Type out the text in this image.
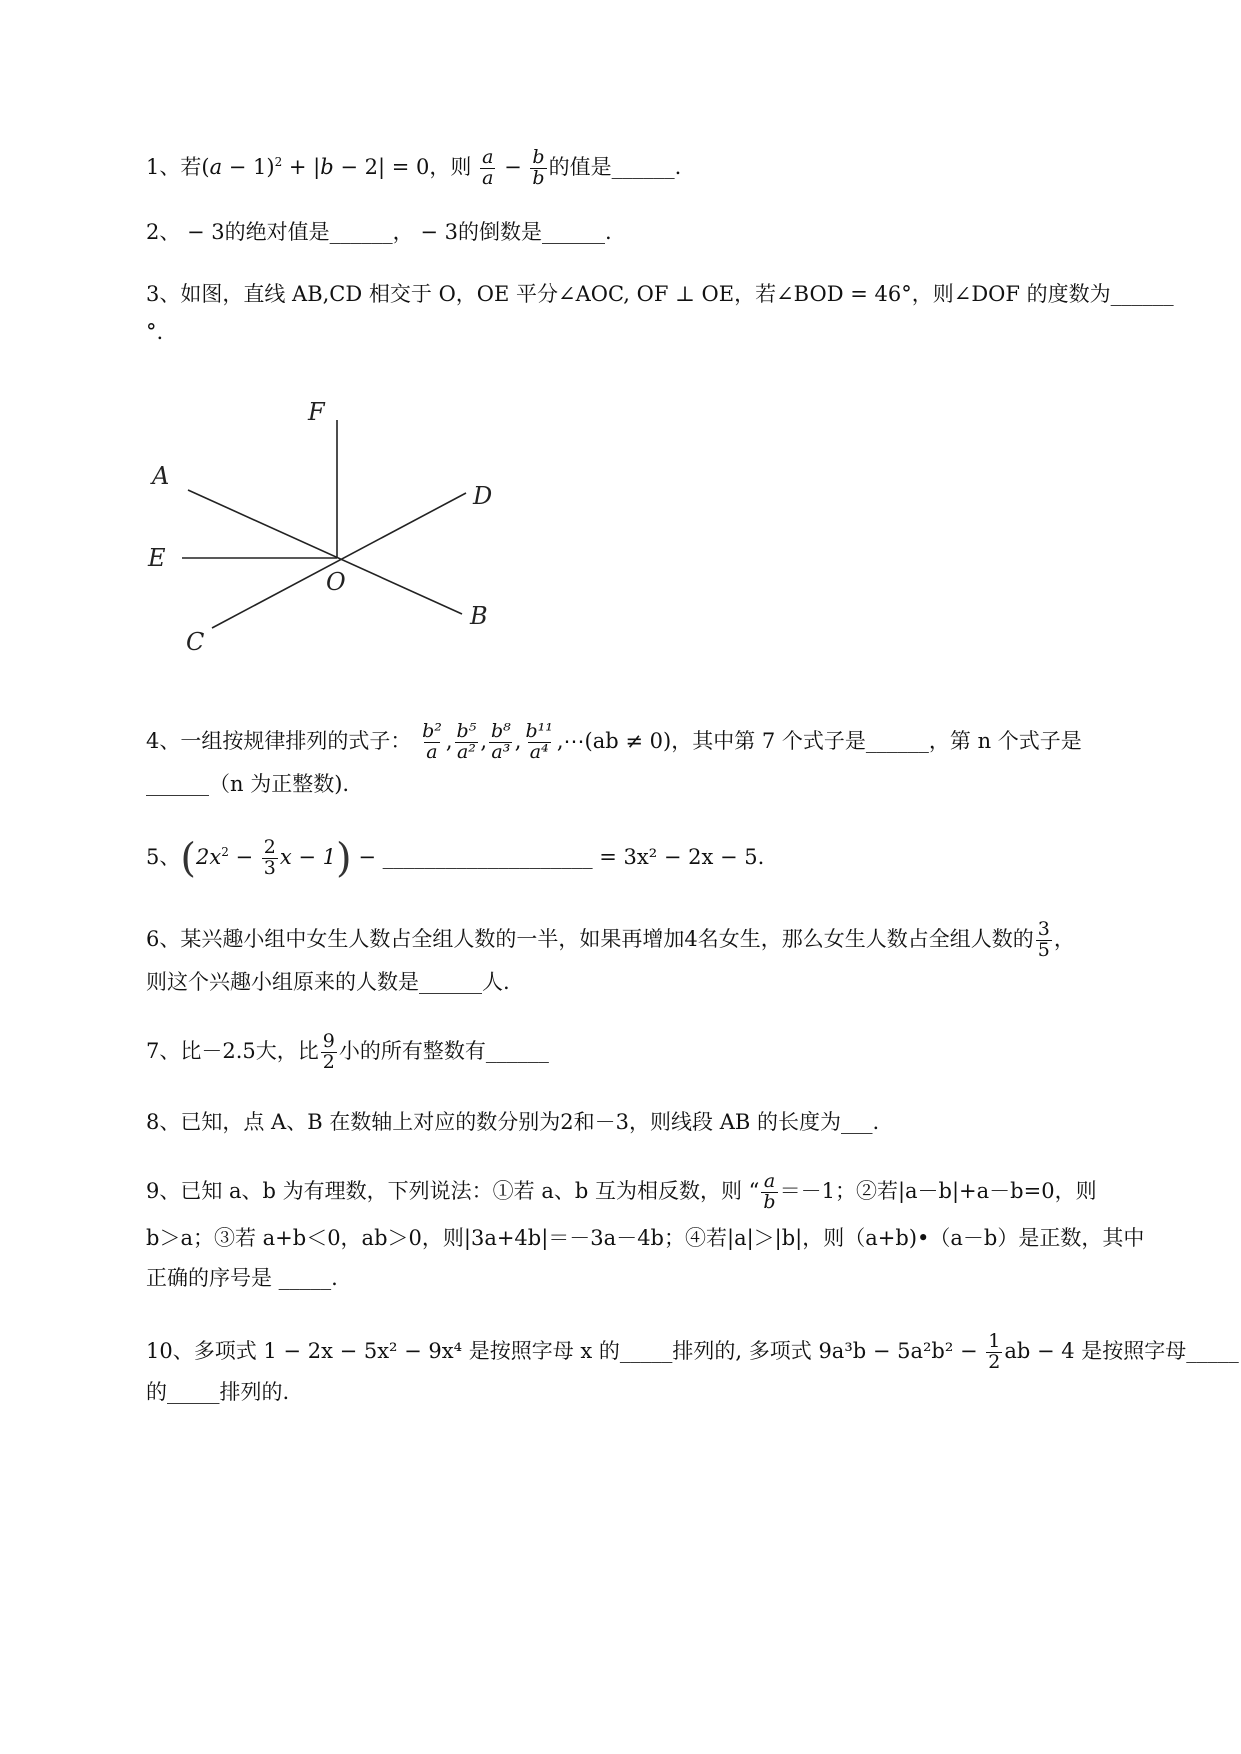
1、若$(a - 1)^2 + |b - 2| = 0$，则 $\frac{a}{a} - \frac{b}{b}$ 的值是______.
2、 − 3的绝对值是______， − 3的倒数是______.
3、如图，直线 AB,CD 相交于 O，OE 平分∠AOC, OF ⊥ OE，若∠BOD = 46°，则∠DOF 的度数为______
°.
F
A
D
E
O
B
C
4、一组按规律排列的式子： $\frac{\text{b²}}{a}$ , $\frac{\text{b⁵}}{\text{a²}}$ , $\frac{\text{b⁸}}{\text{a³}}$ , $\frac{\text{b¹¹}}{\text{a⁴}}$ ,⋯(ab ≠ 0)，其中第 7 个式子是______，第 n 个式子是
______（n 为正整数).
5、($2x^2 - \frac{2}{3}$ x − 1) − ____________________ = 3x² − 2x − 5.
6、某兴趣小组中女生人数占全组人数的一半，如果再增加4名女生，那么女生人数占全组人数的 $\frac{3}{5}$ ，
则这个兴趣小组原来的人数是______人.
7、比－2.5大，比 $\frac{9}{2}$ 小的所有整数有______
8、已知，点 A、B 在数轴上对应的数分别为2和－3，则线段 AB 的长度为___.
9、已知 a、b 为有理数，下列说法：①若 a、b 互为相反数，则 “ $\frac{a}{b} =-1$；②若|a－b|+a－b=0，则
b＞a；③若 a+b＜0，ab＞0，则|3a+4b|＝－3a－4b；④若|a|＞|b|，则（a+b)•（a－b）是正数，其中
正确的序号是 _____.
10、多项式 1 − 2x − 5x² − 9x⁴ 是按照字母 x 的_____排列的, 多项式 $9a^3b - 5a^2b^2 - \frac{1}{2}$ ab − 4 是按照字母_____
的_____排列的.
